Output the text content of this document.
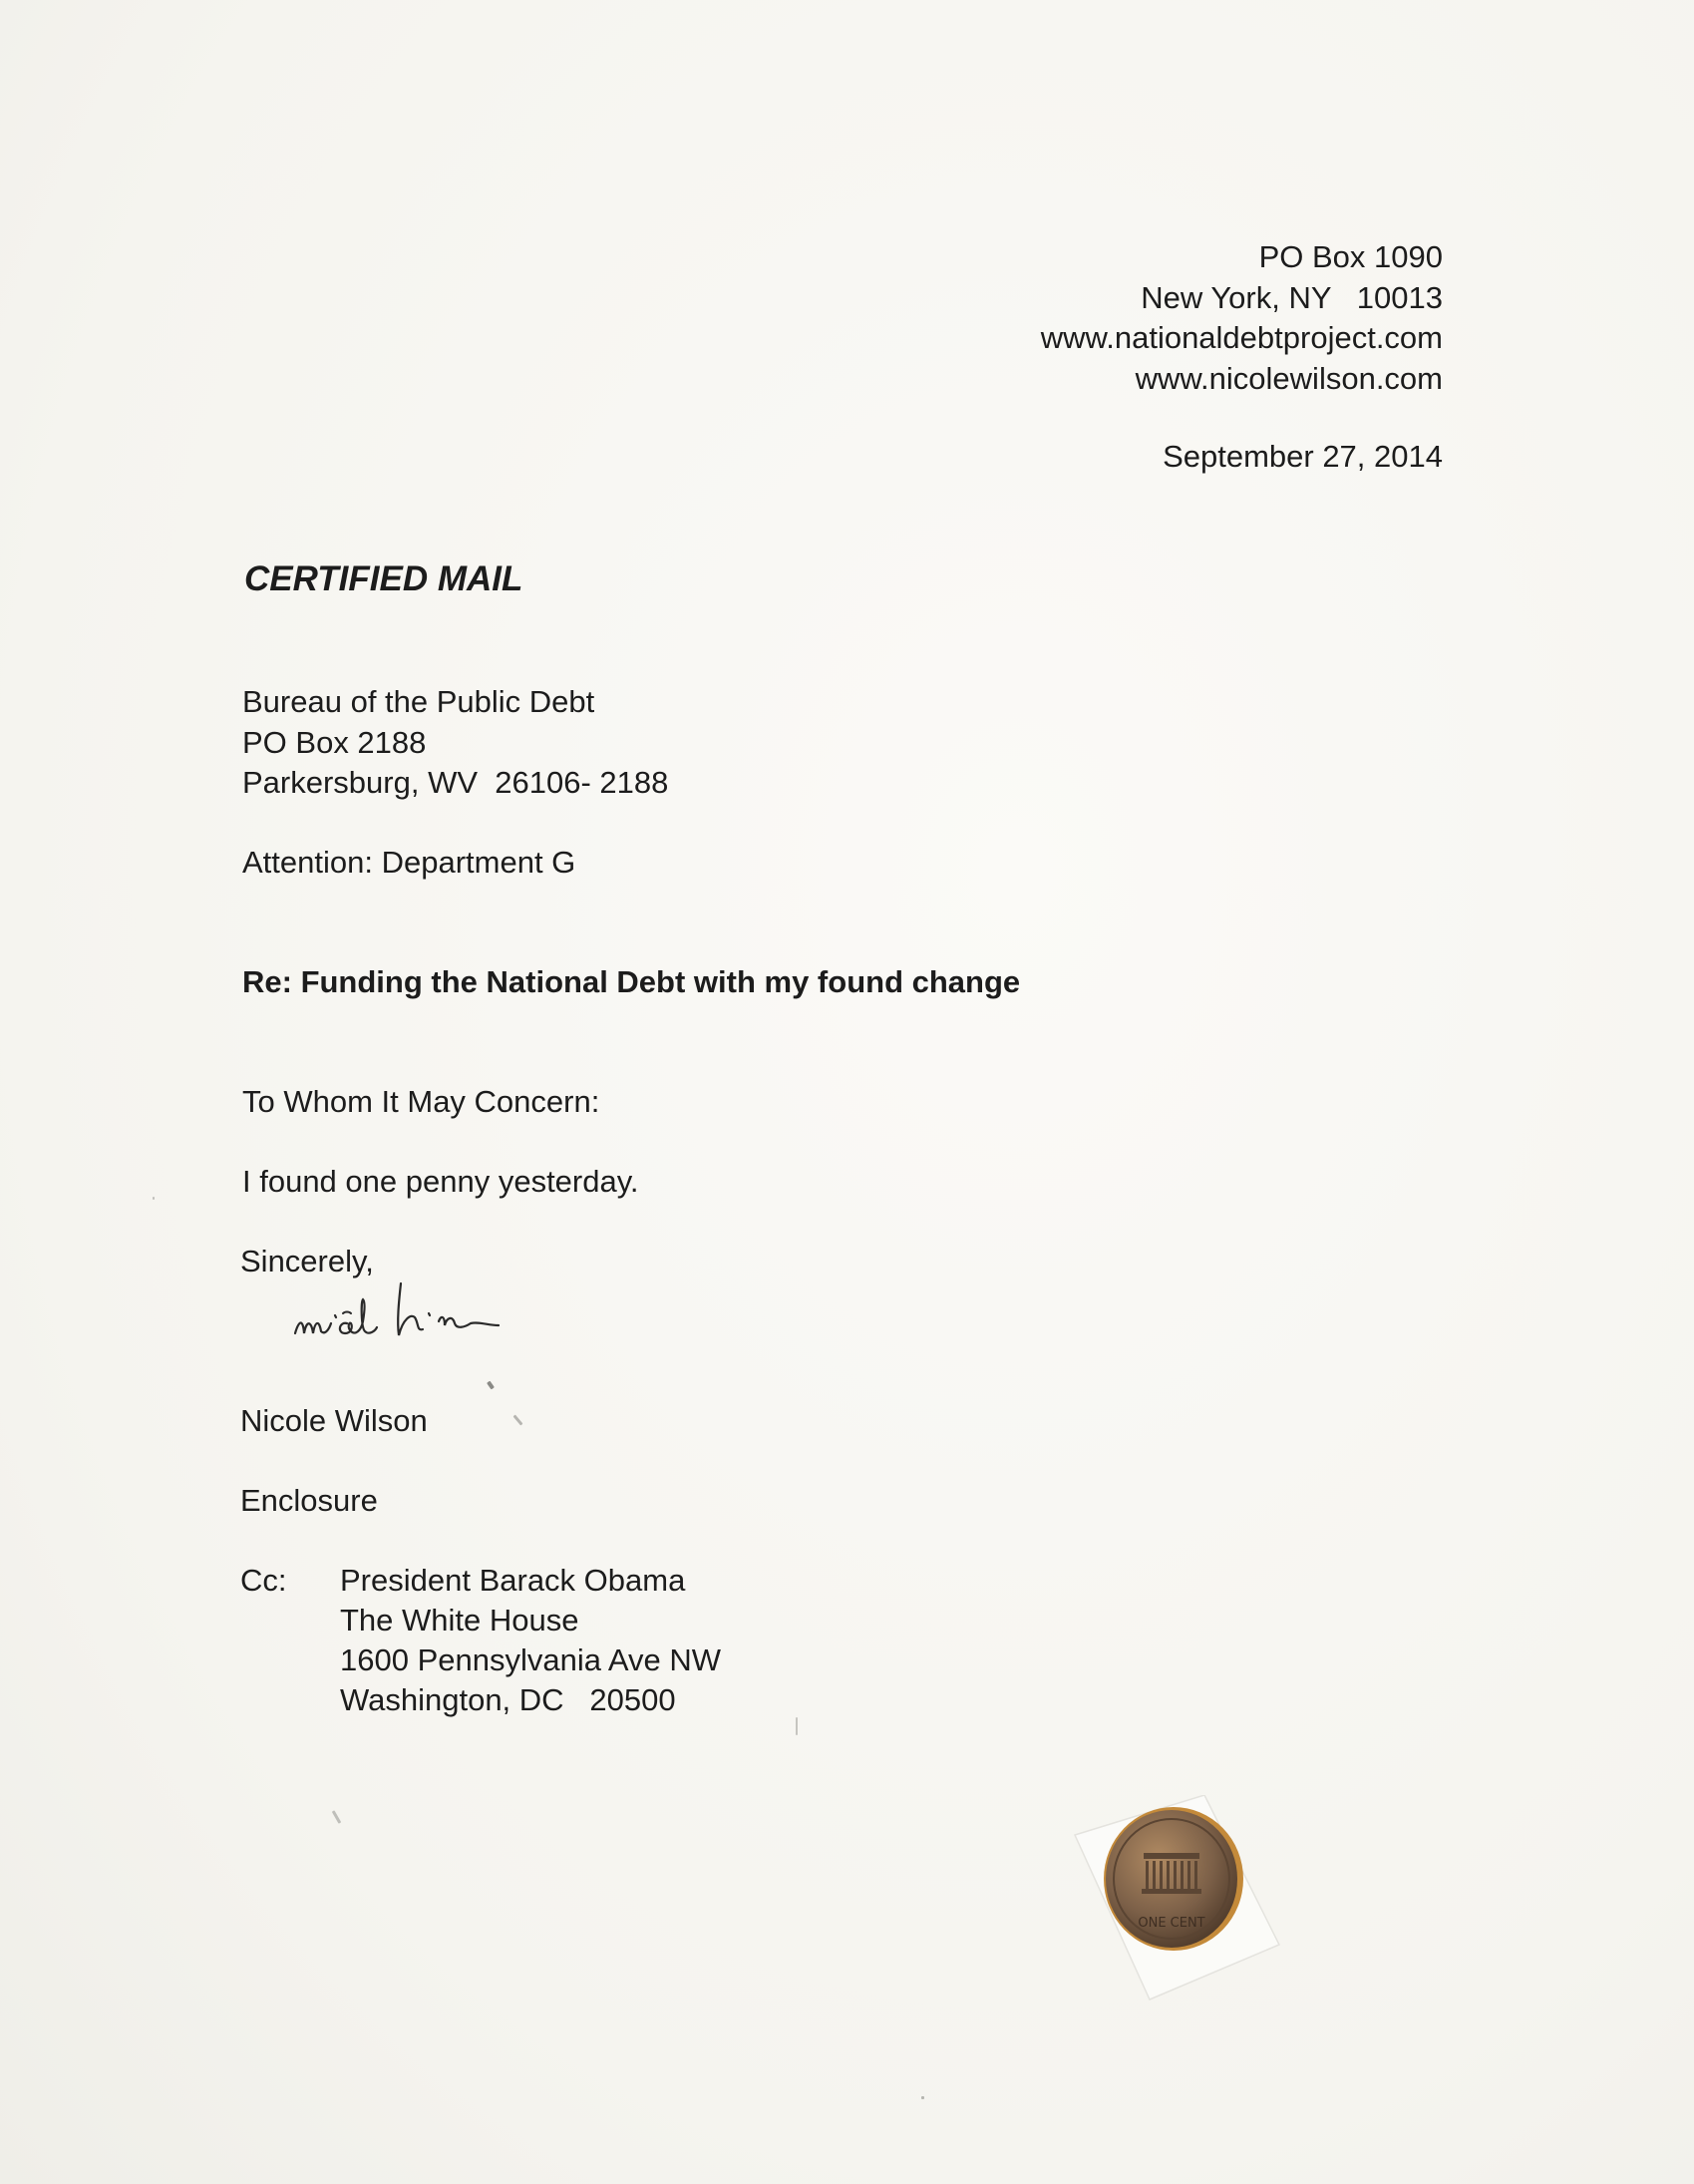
PO Box 1090
New York, NY   10013
www.nationaldebtproject.com
www.nicolewilson.com
September 27, 2014
CERTIFIED MAIL
Bureau of the Public Debt
PO Box 2188
Parkersburg, WV  26106- 2188
Attention: Department G
Re: Funding the National Debt with my found change
To Whom It May Concern:
I found one penny yesterday.
Sincerely,
Nicole Wilson
Enclosure
Cc: President Barack Obama
The White House
1600 Pennsylvania Ave NW
Washington, DC   20500
ONE CENT
